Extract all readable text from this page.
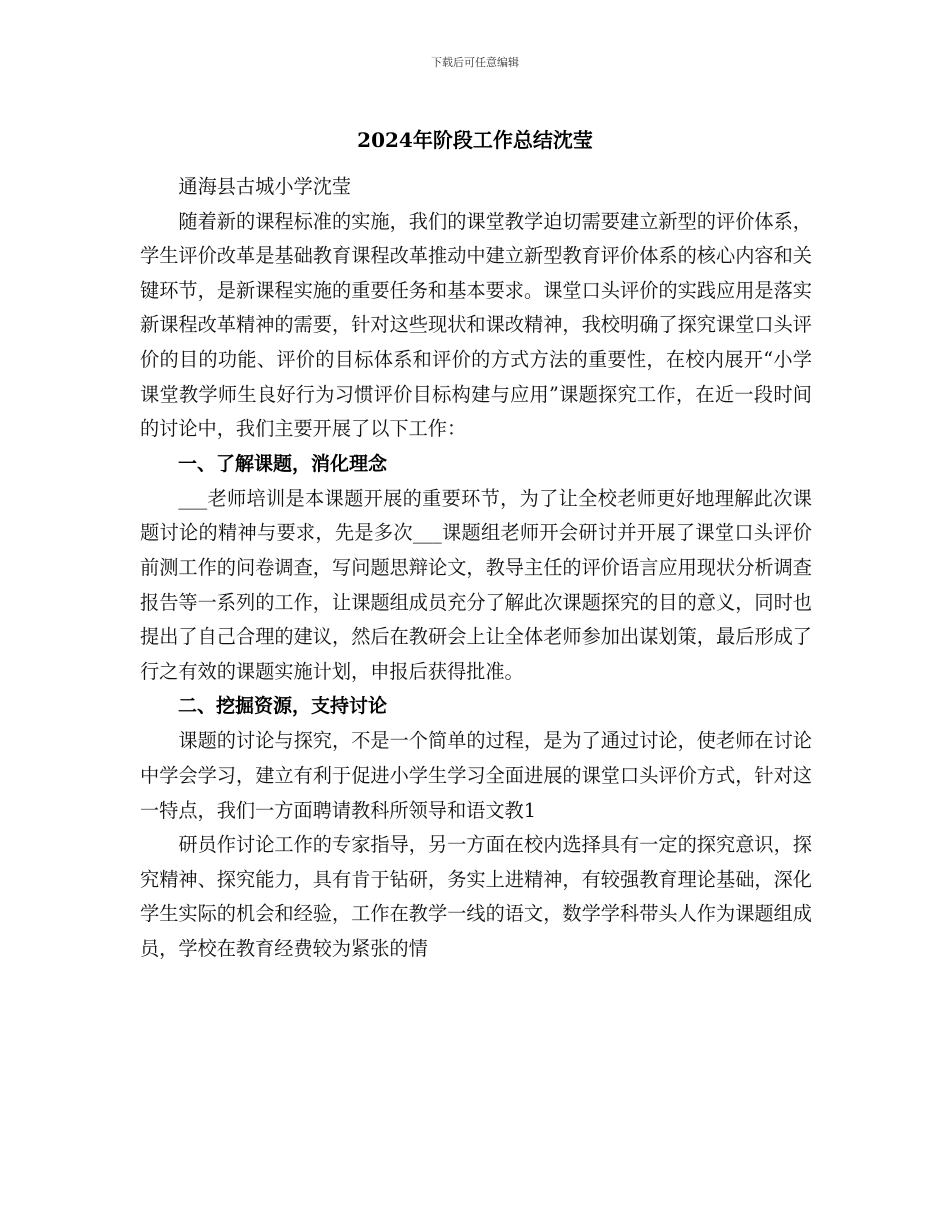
下载后可任意编辑
2024年阶段工作总结沈莹

通海县古城小学沈莹

随着新的课程标准的实施，我们的课堂教学迫切需要建立新型的评价体系，学生评价改革是基础教育课程改革推动中建立新型教育评价体系的核心内容和关键环节，是新课程实施的重要任务和基本要求。课堂口头评价的实践应用是落实新课程改革精神的需要，针对这些现状和课改精神，我校明确了探究课堂口头评价的目的功能、评价的目标体系和评价的方式方法的重要性，在校内展开“小学课堂教学师生良好行为习惯评价目标构建与应用”课题探究工作，在近一段时间的讨论中，我们主要开展了以下工作：

一、了解课题，消化理念

___老师培训是本课题开展的重要环节，为了让全校老师更好地理解此次课题讨论的精神与要求，先是多次___课题组老师开会研讨并开展了课堂口头评价前测工作的问卷调查，写问题思辩论文，教导主任的评价语言应用现状分析调查报告等一系列的工作，让课题组成员充分了解此次课题探究的目的意义，同时也提出了自己合理的建议，然后在教研会上让全体老师参加出谋划策，最后形成了行之有效的课题实施计划，申报后获得批准。

二、挖掘资源，支持讨论

课题的讨论与探究，不是一个简单的过程，是为了通过讨论，使老师在讨论中学会学习，建立有利于促进小学生学习全面进展的课堂口头评价方式，针对这一特点，我们一方面聘请教科所领导和语文教1

研员作讨论工作的专家指导，另一方面在校内选择具有一定的探究意识，探究精神、探究能力，具有肯于钻研，务实上进精神，有较强教育理论基础，深化学生实际的机会和经验，工作在教学一线的语文，数学学科带头人作为课题组成员，学校在教育经费较为紧张的情
